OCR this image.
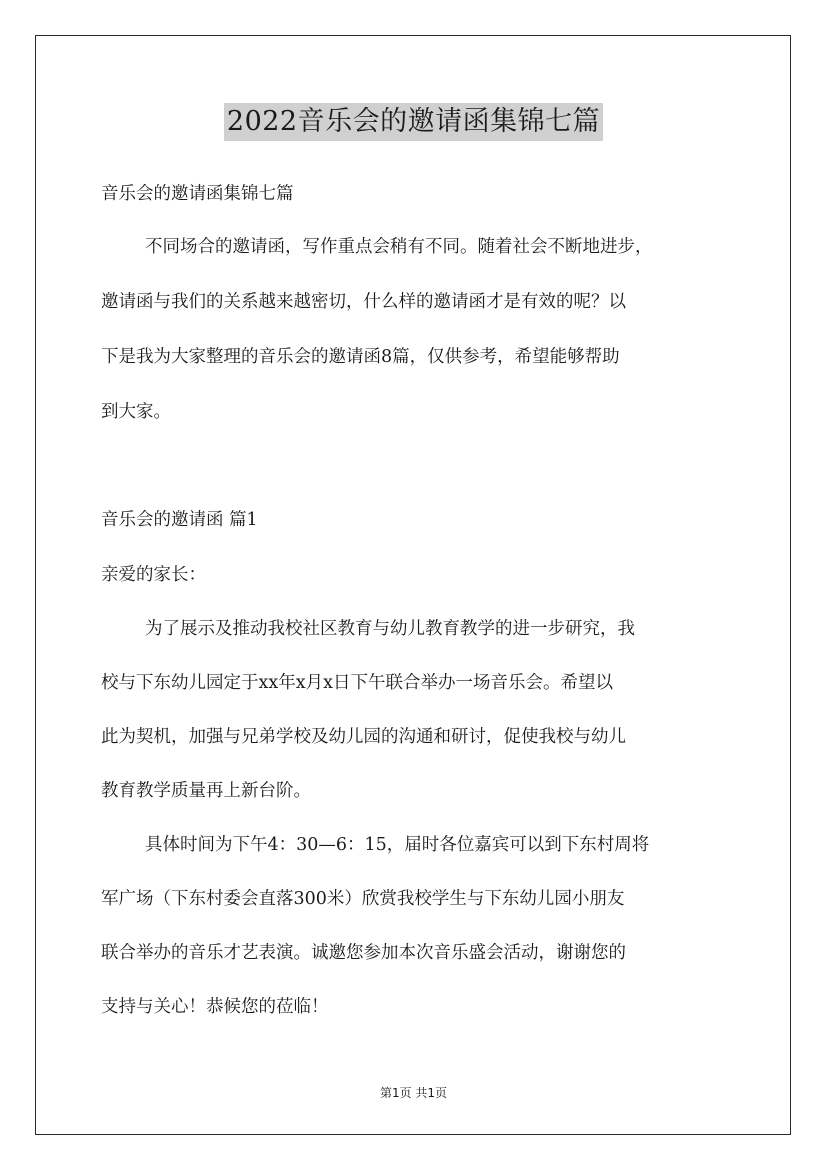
2022音乐会的邀请函集锦七篇
音乐会的邀请函集锦七篇
不同场合的邀请函，写作重点会稍有不同。随着社会不断地进步，
邀请函与我们的关系越来越密切，什么样的邀请函才是有效的呢？以
下是我为大家整理的音乐会的邀请函8篇，仅供参考，希望能够帮助
到大家。
音乐会的邀请函 篇1
亲爱的家长：
为了展示及推动我校社区教育与幼儿教育教学的进一步研究，我
校与下东幼儿园定于xx年x月x日下午联合举办一场音乐会。希望以
此为契机，加强与兄弟学校及幼儿园的沟通和研讨，促使我校与幼儿
教育教学质量再上新台阶。
具体时间为下午4：30—6：15，届时各位嘉宾可以到下东村周将
军广场（下东村委会直落300米）欣赏我校学生与下东幼儿园小朋友
联合举办的音乐才艺表演。诚邀您参加本次音乐盛会活动，谢谢您的
支持与关心！恭候您的莅临！
第1页 共1页
